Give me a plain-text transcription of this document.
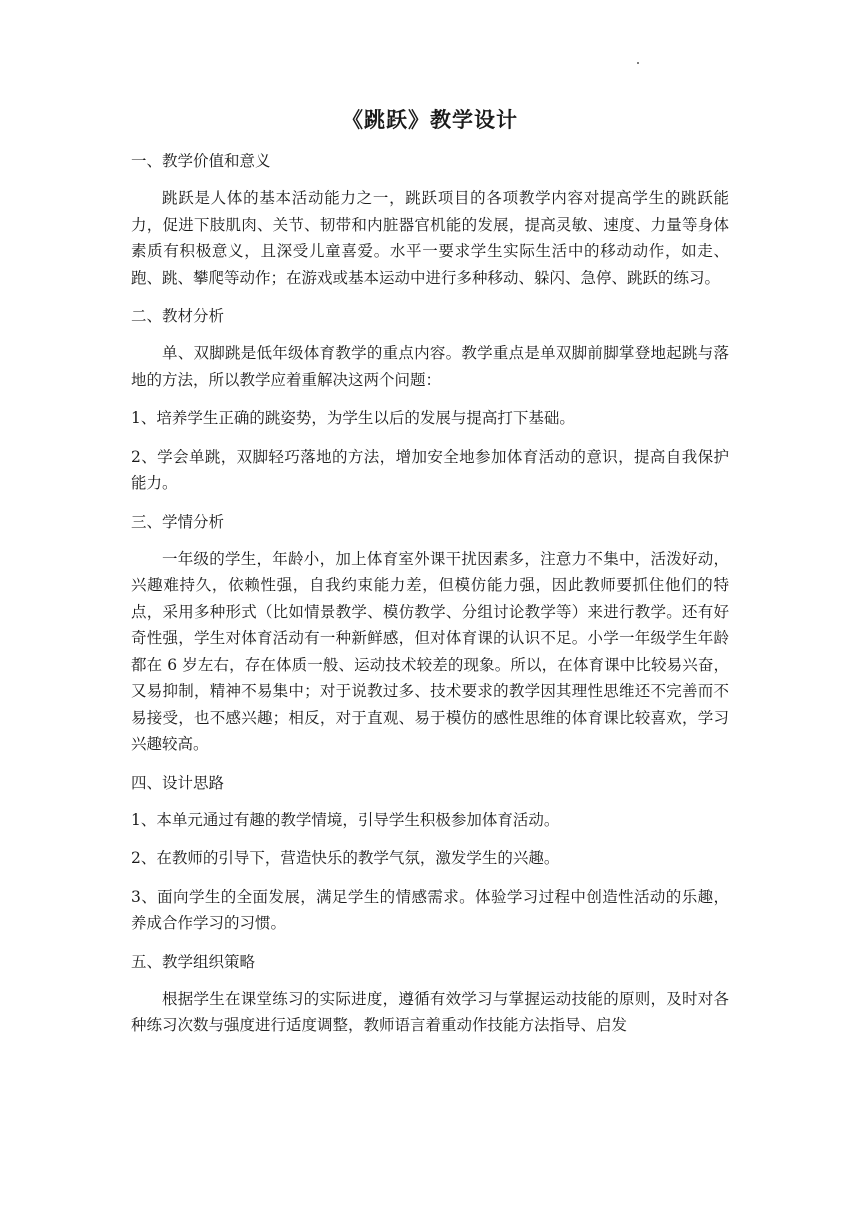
《跳跃》教学设计
一、教学价值和意义

跳跃是人体的基本活动能力之一，跳跃项目的各项教学内容对提高学生的跳跃能力，促进下肢肌肉、关节、韧带和内脏器官机能的发展，提高灵敏、速度、力量等身体素质有积极意义，且深受儿童喜爱。水平一要求学生实际生活中的移动动作，如走、跑、跳、攀爬等动作；在游戏或基本运动中进行多种移动、躲闪、急停、跳跃的练习。

二、教材分析

单、双脚跳是低年级体育教学的重点内容。教学重点是单双脚前脚掌登地起跳与落地的方法，所以教学应着重解决这两个问题：

1、培养学生正确的跳姿势，为学生以后的发展与提高打下基础。

2、学会单跳，双脚轻巧落地的方法，增加安全地参加体育活动的意识，提高自我保护能力。

三、学情分析

一年级的学生，年龄小，加上体育室外课干扰因素多，注意力不集中，活泼好动，兴趣难持久，依赖性强，自我约束能力差，但模仿能力强，因此教师要抓住他们的特点，采用多种形式（比如情景教学、模仿教学、分组讨论教学等）来进行教学。还有好奇性强，学生对体育活动有一种新鲜感，但对体育课的认识不足。小学一年级学生年龄都在 6 岁左右，存在体质一般、运动技术较差的现象。所以，在体育课中比较易兴奋，又易抑制，精神不易集中；对于说教过多、技术要求的教学因其理性思维还不完善而不易接受，也不感兴趣；相反，对于直观、易于模仿的感性思维的体育课比较喜欢，学习兴趣较高。

四、设计思路

1、本单元通过有趣的教学情境，引导学生积极参加体育活动。

2、在教师的引导下，营造快乐的教学气氛，激发学生的兴趣。

3、面向学生的全面发展，满足学生的情感需求。体验学习过程中创造性活动的乐趣，养成合作学习的习惯。

五、教学组织策略

根据学生在课堂练习的实际进度，遵循有效学习与掌握运动技能的原则，及时对各种练习次数与强度进行适度调整，教师语言着重动作技能方法指导、启发
